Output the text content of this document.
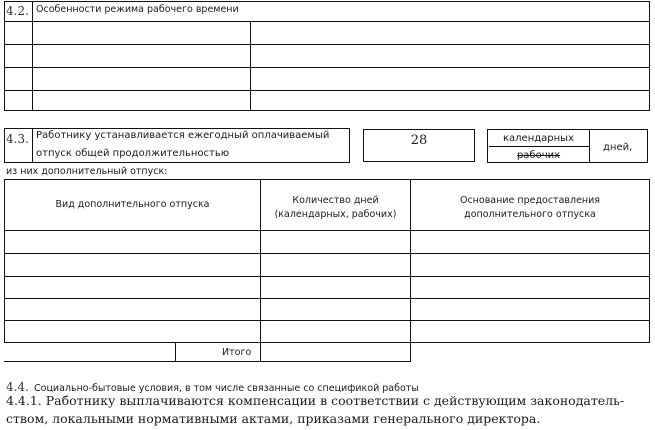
4.2. Особенности режима рабочего времени
4.3. Работнику устанавливается ежегодный оплачиваемый
отпуск общей продолжительностью
28	календарных
рабочих
дней,
из них дополнительный отпуск:
Вид дополнительного отпуска	Количество дней
(календарных, рабочих)
Основание предоставления
дополнительного отпуска
Итого
4.4. Социально-бытовые условия, в том числе связанные со спецификой работы
4.4.1. Работнику выплачиваются компенсации в соответствии с действующим законодатель-
ством, локальными нормативными актами, приказами генерального директора.
